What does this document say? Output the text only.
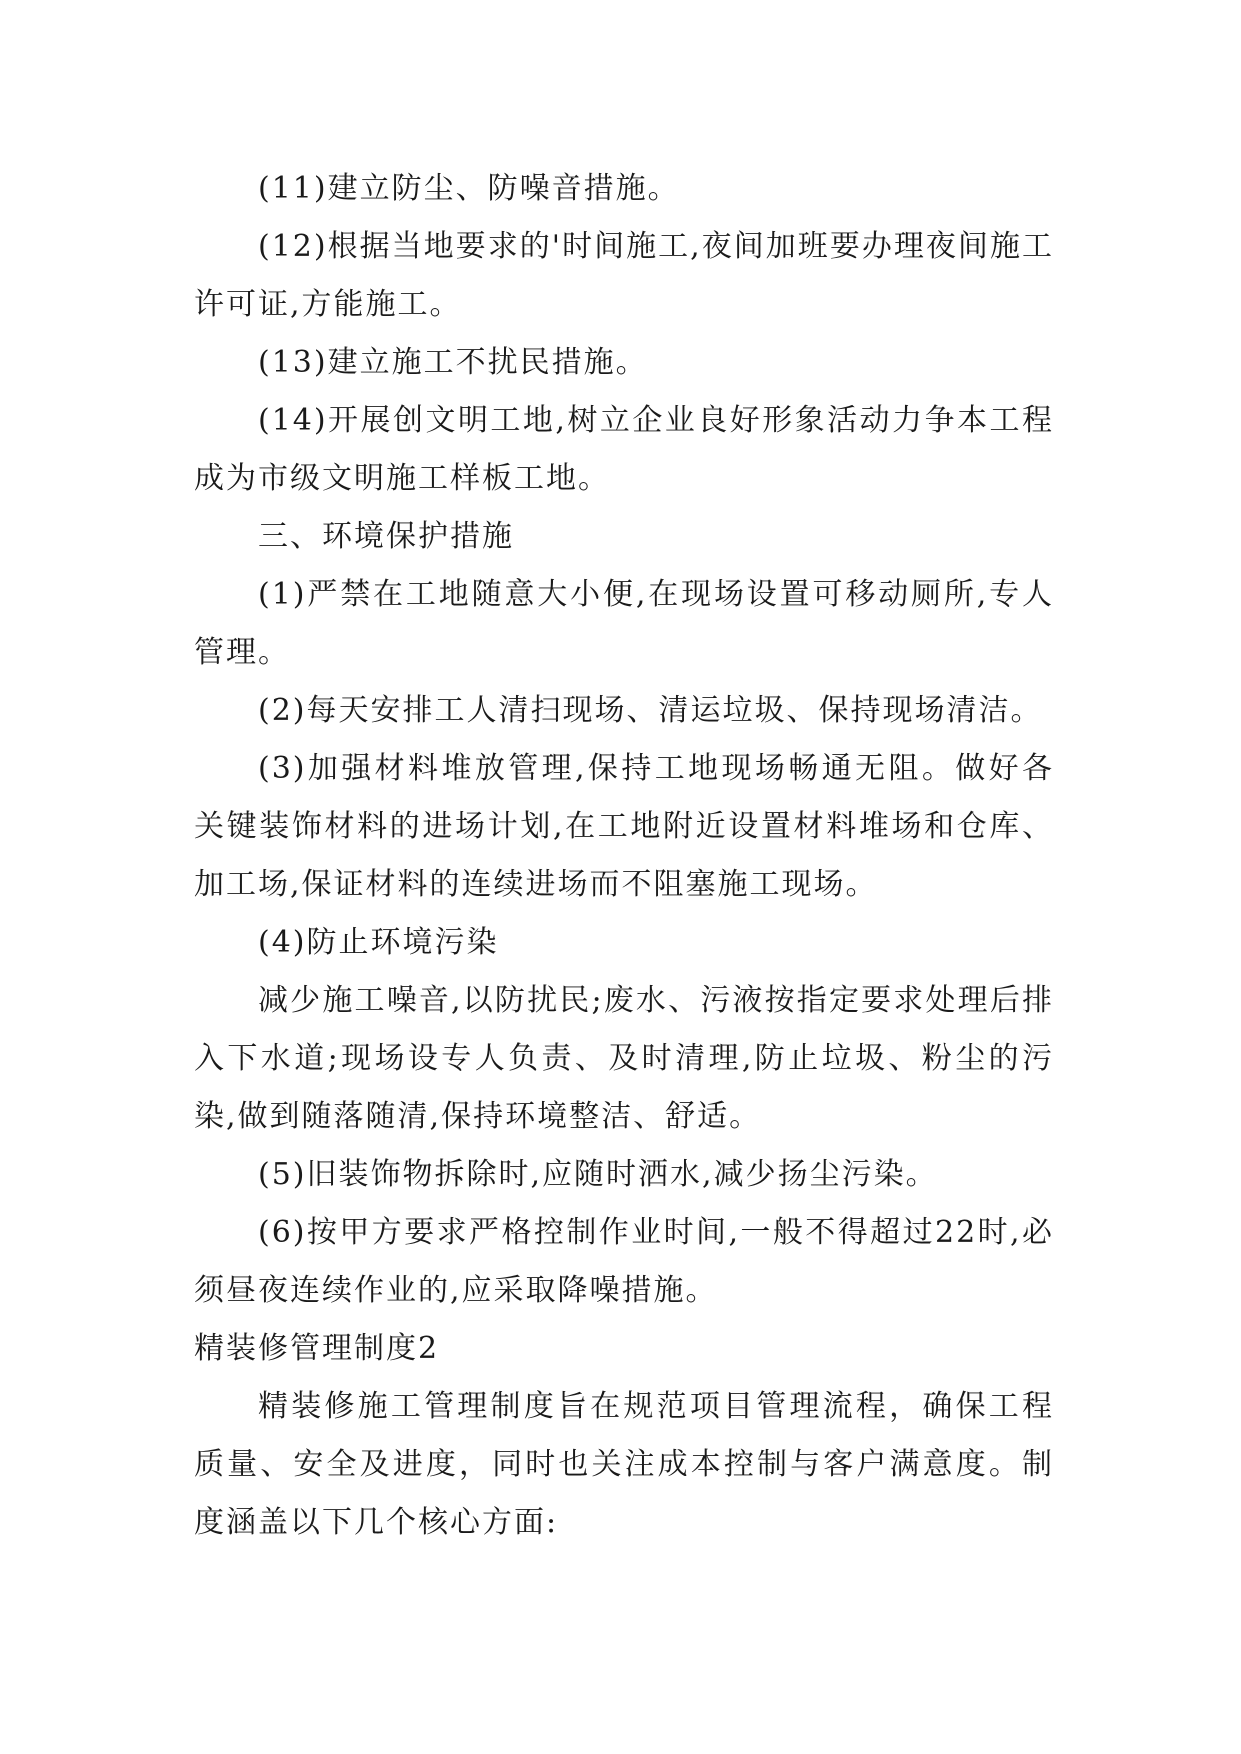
(11)建立防尘、防噪音措施。

(12)根据当地要求的'时间施工,夜间加班要办理夜间施工许可证,方能施工。

(13)建立施工不扰民措施。

(14)开展创文明工地,树立企业良好形象活动力争本工程成为市级文明施工样板工地。

三、环境保护措施

(1)严禁在工地随意大小便,在现场设置可移动厕所,专人管理。

(2)每天安排工人清扫现场、清运垃圾、保持现场清洁。

(3)加强材料堆放管理,保持工地现场畅通无阻。做好各关键装饰材料的进场计划,在工地附近设置材料堆场和仓库、加工场,保证材料的连续进场而不阻塞施工现场。

(4)防止环境污染

减少施工噪音,以防扰民;废水、污液按指定要求处理后排入下水道;现场设专人负责、及时清理,防止垃圾、粉尘的污染,做到随落随清,保持环境整洁、舒适。

(5)旧装饰物拆除时,应随时洒水,减少扬尘污染。

(6)按甲方要求严格控制作业时间,一般不得超过22时,必须昼夜连续作业的,应采取降噪措施。

精装修管理制度2

精装修施工管理制度旨在规范项目管理流程，确保工程质量、安全及进度，同时也关注成本控制与客户满意度。制度涵盖以下几个核心方面:
